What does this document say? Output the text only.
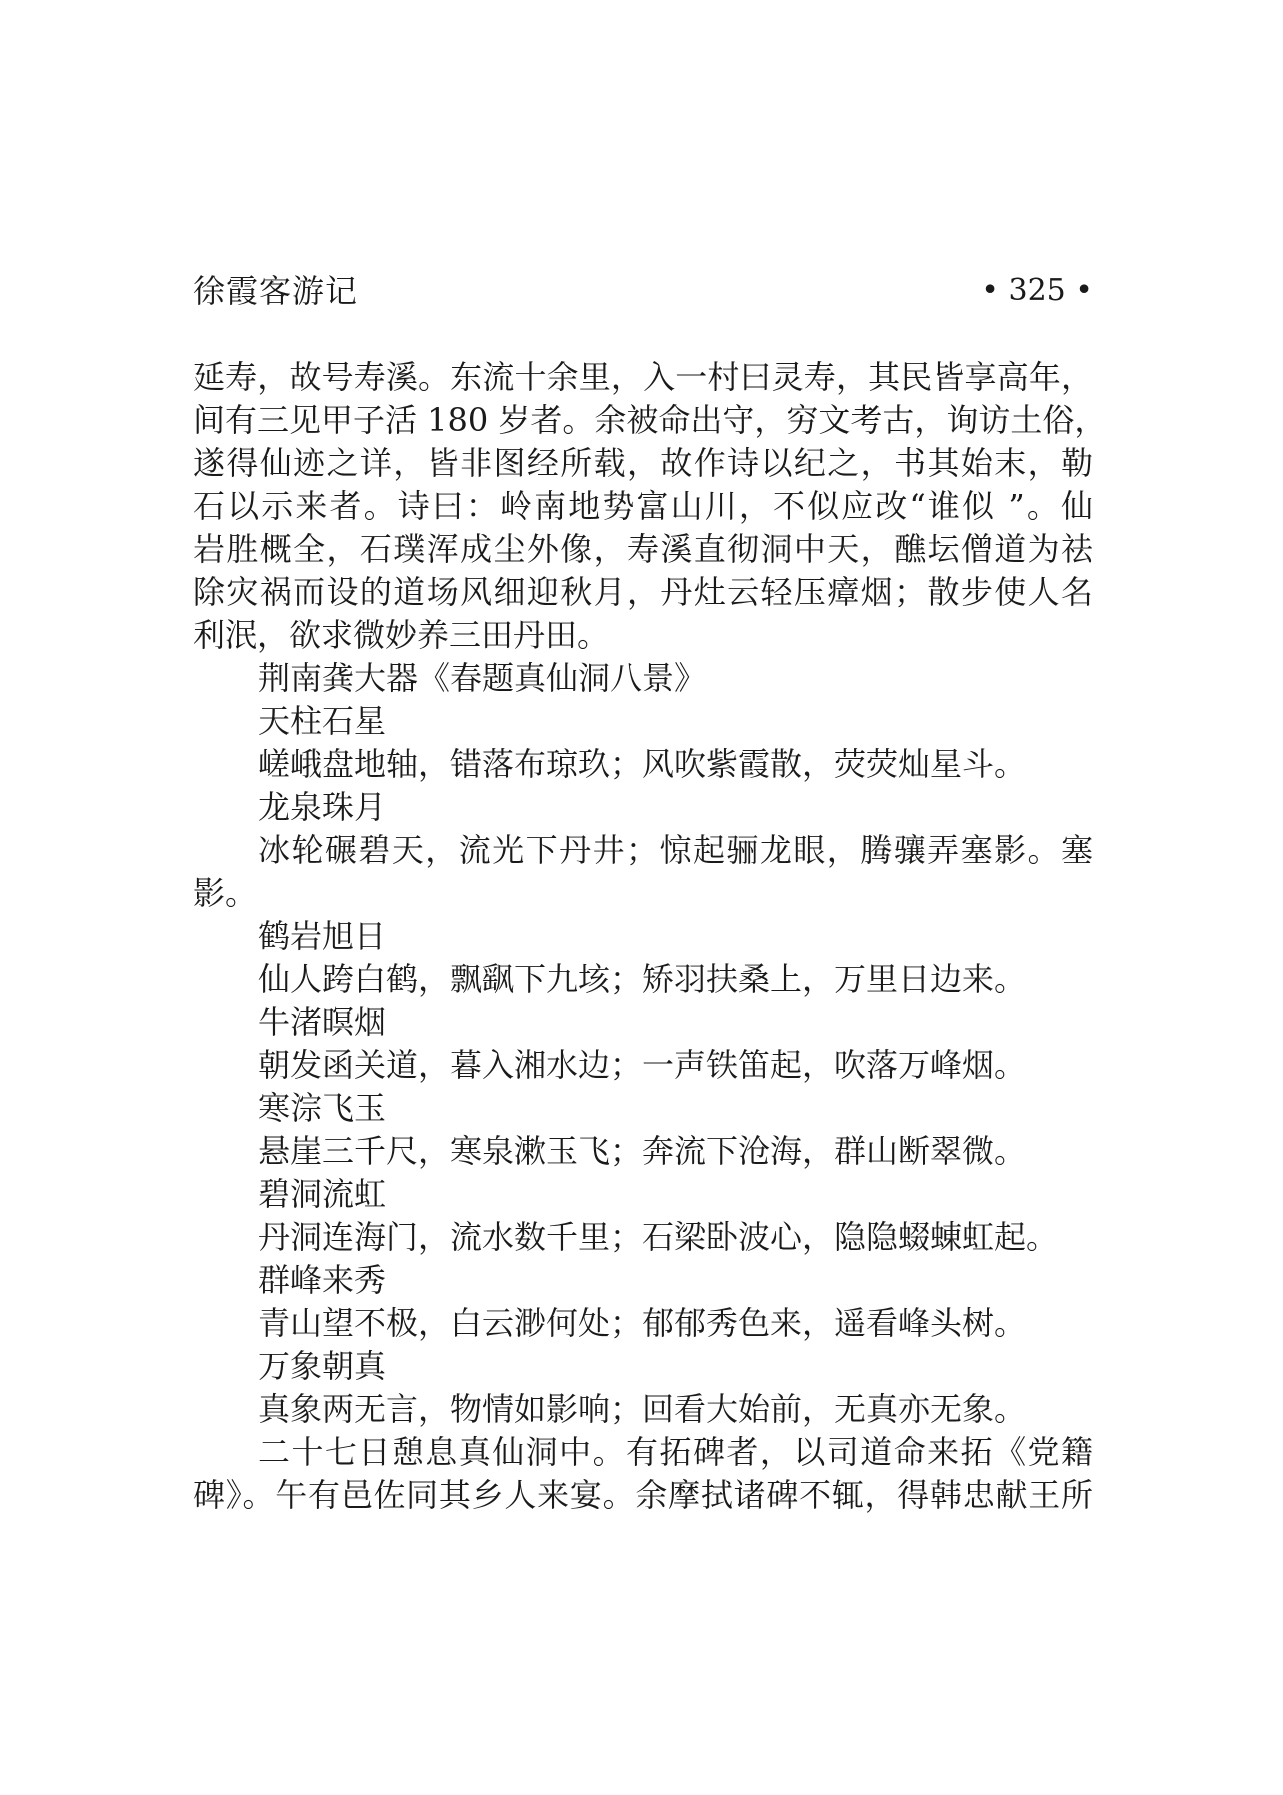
徐霞客游记	• 325 •
延寿，故号寿溪。东流十余里，入一村曰灵寿，其民皆享高年，
间有三见甲子活 180 岁者。余被命出守，穷文考古，询访土俗，
遂得仙迹之详，皆非图经所载，故作诗以纪之，书其始末，勒
石以示来者。诗曰：岭南地势富山川，不似应改“谁似 ”。仙
岩胜概全，石璞浑成尘外像，寿溪直彻洞中天，醮坛僧道为祛
除灾祸而设的道场风细迎秋月，丹灶云轻压瘴烟；散步使人名
利泯，欲求微妙养三田丹田。
荆南龚大器《春题真仙洞八景》
天柱石星
嵯峨盘地轴，错落布琼玖；风吹紫霞散，荧荧灿星斗。
龙泉珠月
冰轮碾碧天，流光下丹井；惊起骊龙眼，腾骧弄塞影。塞
影。
鹤岩旭日
仙人跨白鹤，飘飖下九垓；矫羽扶桑上，万里日边来。
牛渚暝烟
朝发函关道，暮入湘水边；一声铁笛起，吹落万峰烟。
寒淙飞玉
悬崖三千尺，寒泉漱玉飞；奔流下沧海，群山断翠微。
碧洞流虹
丹洞连海门，流水数千里；石梁卧波心，隐隐蝃蝀虹起。
群峰来秀
青山望不极，白云渺何处；郁郁秀色来，遥看峰头树。
万象朝真
真象两无言，物情如影响；回看大始前，无真亦无象。
二十七日憩息真仙洞中。有拓碑者，以司道命来拓《党籍
碑》。午有邑佐同其乡人来宴。余摩拭诸碑不辄，得韩忠献王所
